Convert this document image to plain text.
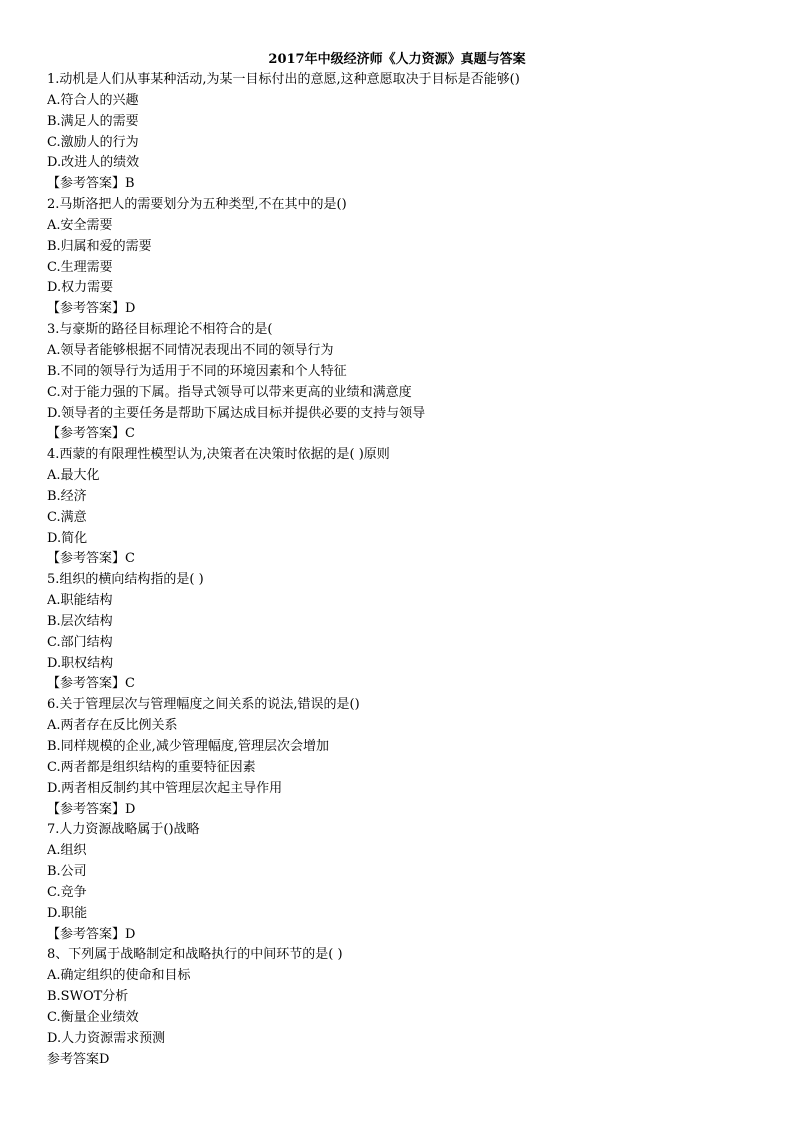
2017年中级经济师《人力资源》真题与答案
1.动机是人们从事某种活动,为某一目标付出的意愿,这种意愿取决于目标是否能够()
A.符合人的兴趣
B.满足人的需要
C.激励人的行为
D.改进人的绩效
【参考答案】B
2.马斯洛把人的需要划分为五种类型,不在其中的是()
A.安全需要
B.归属和爱的需要
C.生理需要
D.权力需要
【参考答案】D
3.与豪斯的路径目标理论不相符合的是(
A.领导者能够根据不同情况表现出不同的领导行为
B.不同的领导行为适用于不同的环境因素和个人特征
C.对于能力强的下属。指导式领导可以带来更高的业绩和满意度
D.领导者的主要任务是帮助下属达成目标并提供必要的支持与领导
【参考答案】C
4.西蒙的有限理性模型认为,决策者在决策时依据的是( )原则
A.最大化
B.经济
C.满意
D.简化
【参考答案】C
5.组织的横向结构指的是( )
A.职能结构
B.层次结构
C.部门结构
D.职权结构
【参考答案】C
6.关于管理层次与管理幅度之间关系的说法,错误的是()
A.两者存在反比例关系
B.同样规模的企业,减少管理幅度,管理层次会增加
C.两者都是组织结构的重要特征因素
D.两者相反制约其中管理层次起主导作用
【参考答案】D
7.人力资源战略属于()战略
A.组织
B.公司
C.竞争
D.职能
【参考答案】D
8、下列属于战略制定和战略执行的中间环节的是( )
A.确定组织的使命和目标
B.SWOT分析
C.衡量企业绩效
D.人力资源需求预测
参考答案D
